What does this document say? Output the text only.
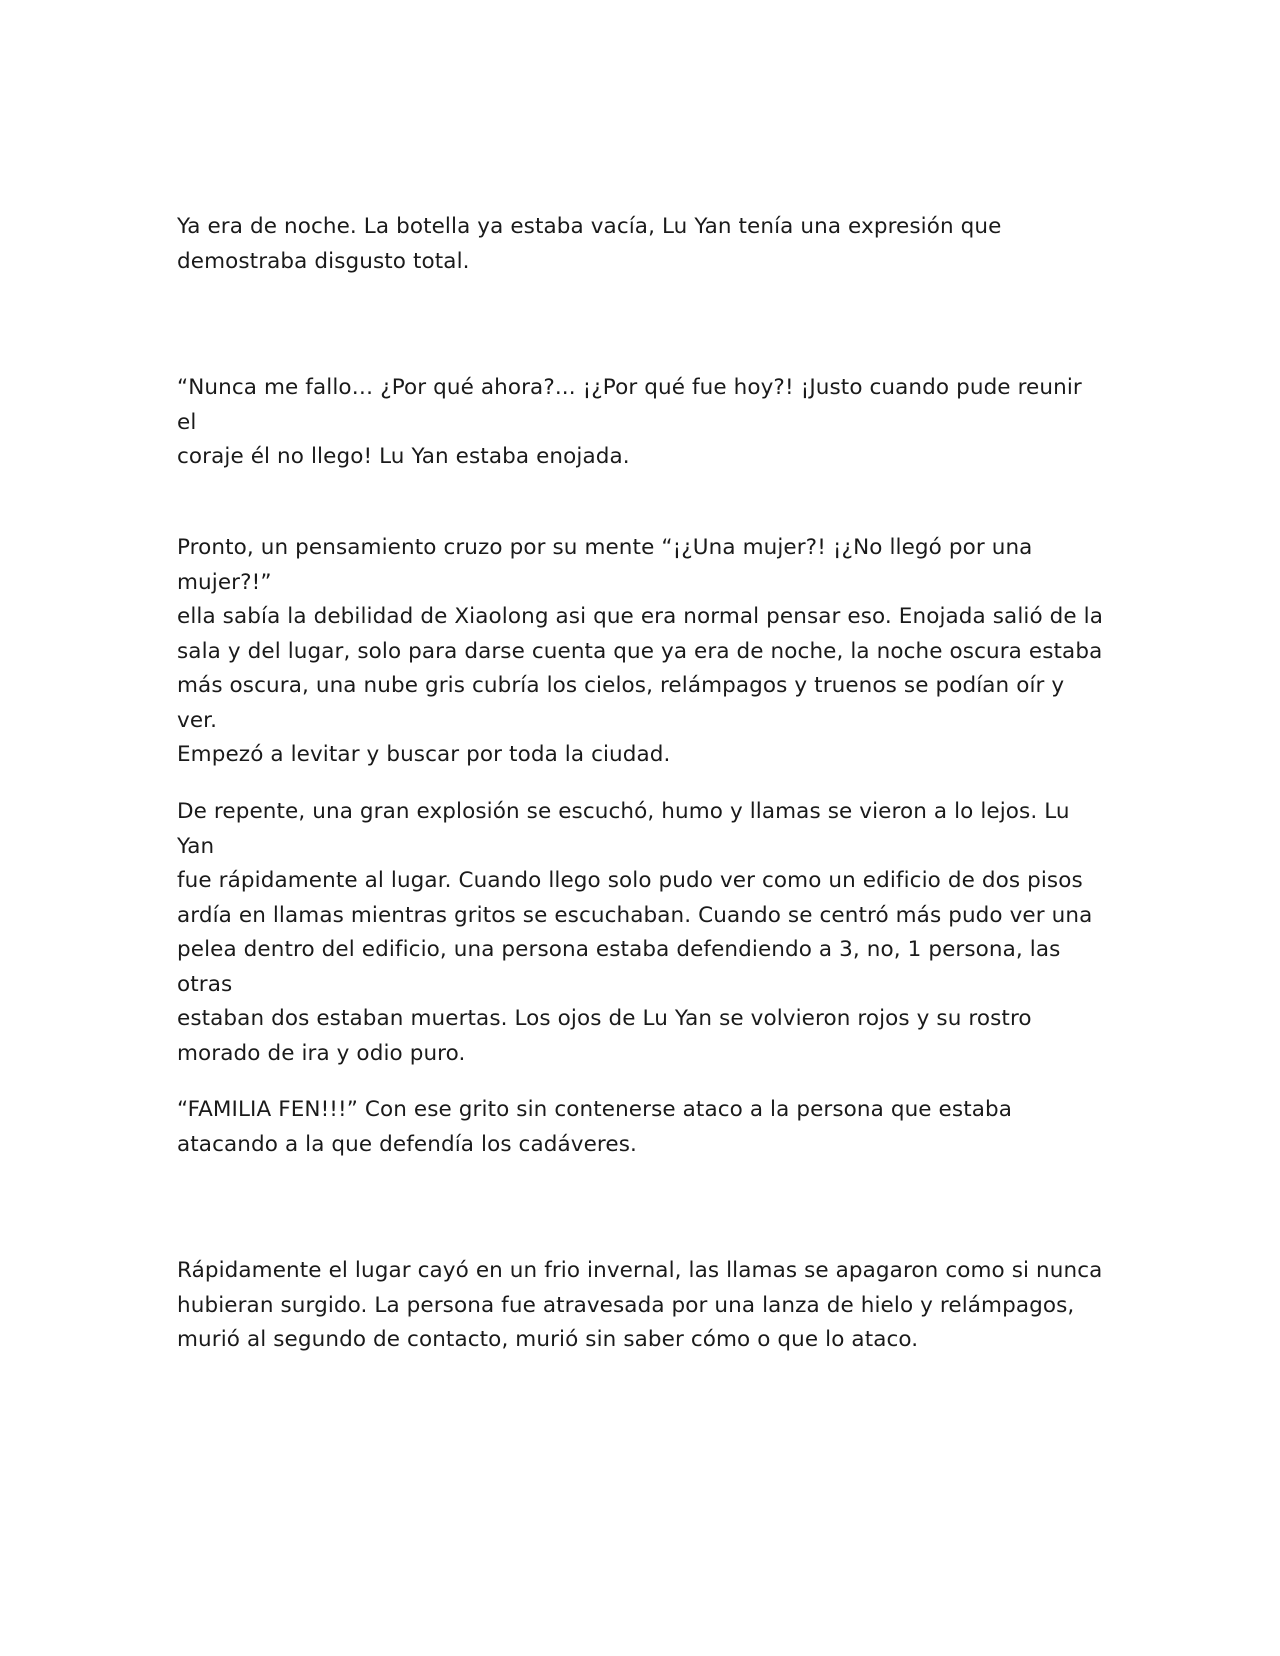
Ya era de noche. La botella ya estaba vacía, Lu Yan tenía una expresión que
demostraba disgusto total.

“Nunca me fallo… ¿Por qué ahora?... ¡¿Por qué fue hoy?! ¡Justo cuando pude reunir el
coraje él no llego! Lu Yan estaba enojada.

Pronto, un pensamiento cruzo por su mente “¡¿Una mujer?! ¡¿No llegó por una mujer?!”
ella sabía la debilidad de Xiaolong asi que era normal pensar eso. Enojada salió de la
sala y del lugar, solo para darse cuenta que ya era de noche, la noche oscura estaba
más oscura, una nube gris cubría los cielos, relámpagos y truenos se podían oír y ver.
Empezó a levitar y buscar por toda la ciudad.

De repente, una gran explosión se escuchó, humo y llamas se vieron a lo lejos. Lu Yan
fue rápidamente al lugar. Cuando llego solo pudo ver como un edificio de dos pisos
ardía en llamas mientras gritos se escuchaban. Cuando se centró más pudo ver una
pelea dentro del edificio, una persona estaba defendiendo a 3, no, 1 persona, las otras
estaban dos estaban muertas. Los ojos de Lu Yan se volvieron rojos y su rostro
morado de ira y odio puro.

“FAMILIA FEN!!!” Con ese grito sin contenerse ataco a la persona que estaba
atacando a la que defendía los cadáveres.

Rápidamente el lugar cayó en un frio invernal, las llamas se apagaron como si nunca
hubieran surgido. La persona fue atravesada por una lanza de hielo y relámpagos,
murió al segundo de contacto, murió sin saber cómo o que lo ataco.
